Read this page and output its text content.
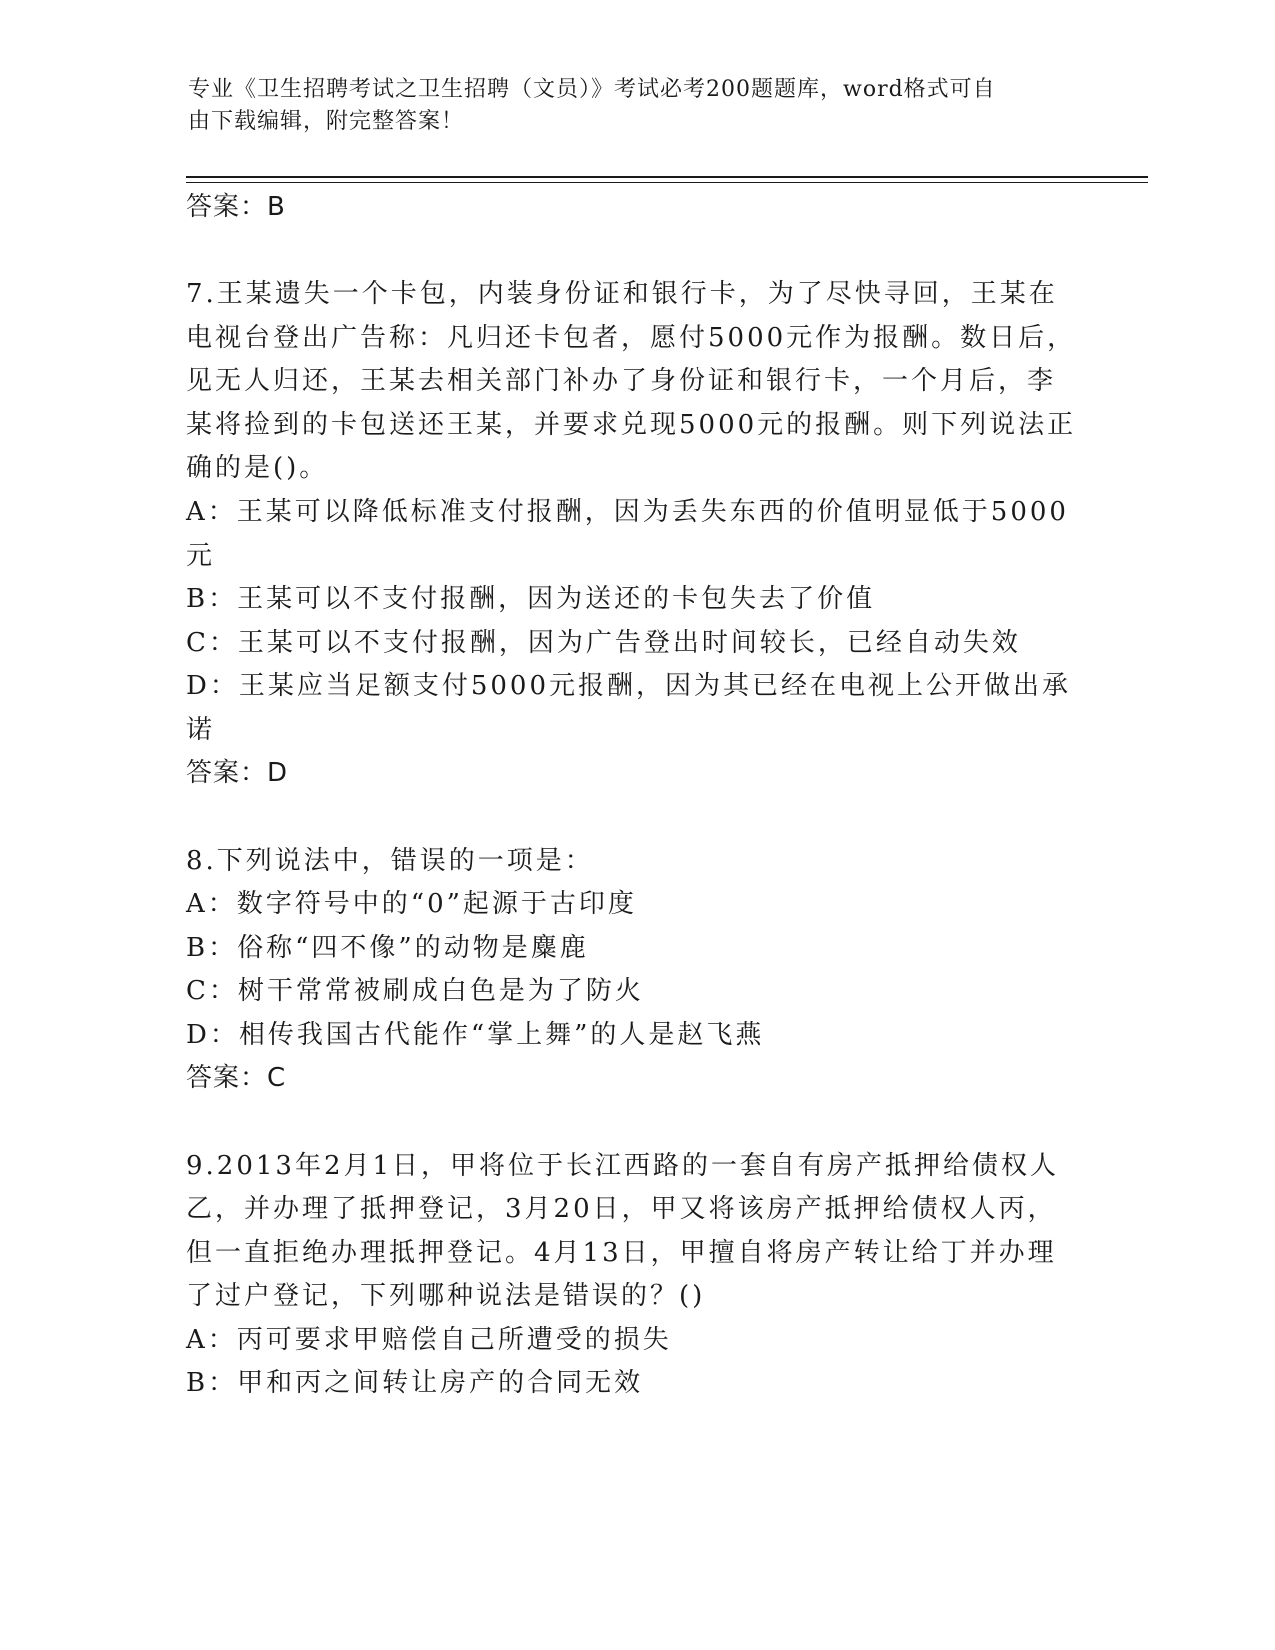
专业《卫生招聘考试之卫生招聘（文员）》考试必考200题题库，word格式可自
由下载编辑，附完整答案！
答案：B
7.王某遗失一个卡包，内装身份证和银行卡，为了尽快寻回，王某在
电视台登出广告称：凡归还卡包者，愿付5000元作为报酬。数日后，
见无人归还，王某去相关部门补办了身份证和银行卡，一个月后，李
某将捡到的卡包送还王某，并要求兑现5000元的报酬。则下列说法正
确的是()。
A：王某可以降低标准支付报酬，因为丢失东西的价值明显低于5000
元
B：王某可以不支付报酬，因为送还的卡包失去了价值
C：王某可以不支付报酬，因为广告登出时间较长，已经自动失效
D：王某应当足额支付5000元报酬，因为其已经在电视上公开做出承
诺
答案：D
8.下列说法中，错误的一项是：
A：数字符号中的“0”起源于古印度
B：俗称“四不像”的动物是麋鹿
C：树干常常被刷成白色是为了防火
D：相传我国古代能作“掌上舞”的人是赵飞燕
答案：C
9.2013年2月1日，甲将位于长江西路的一套自有房产抵押给债权人
乙，并办理了抵押登记，3月20日，甲又将该房产抵押给债权人丙，
但一直拒绝办理抵押登记。4月13日，甲擅自将房产转让给丁并办理
了过户登记，下列哪种说法是错误的？()
A：丙可要求甲赔偿自己所遭受的损失
B：甲和丙之间转让房产的合同无效
